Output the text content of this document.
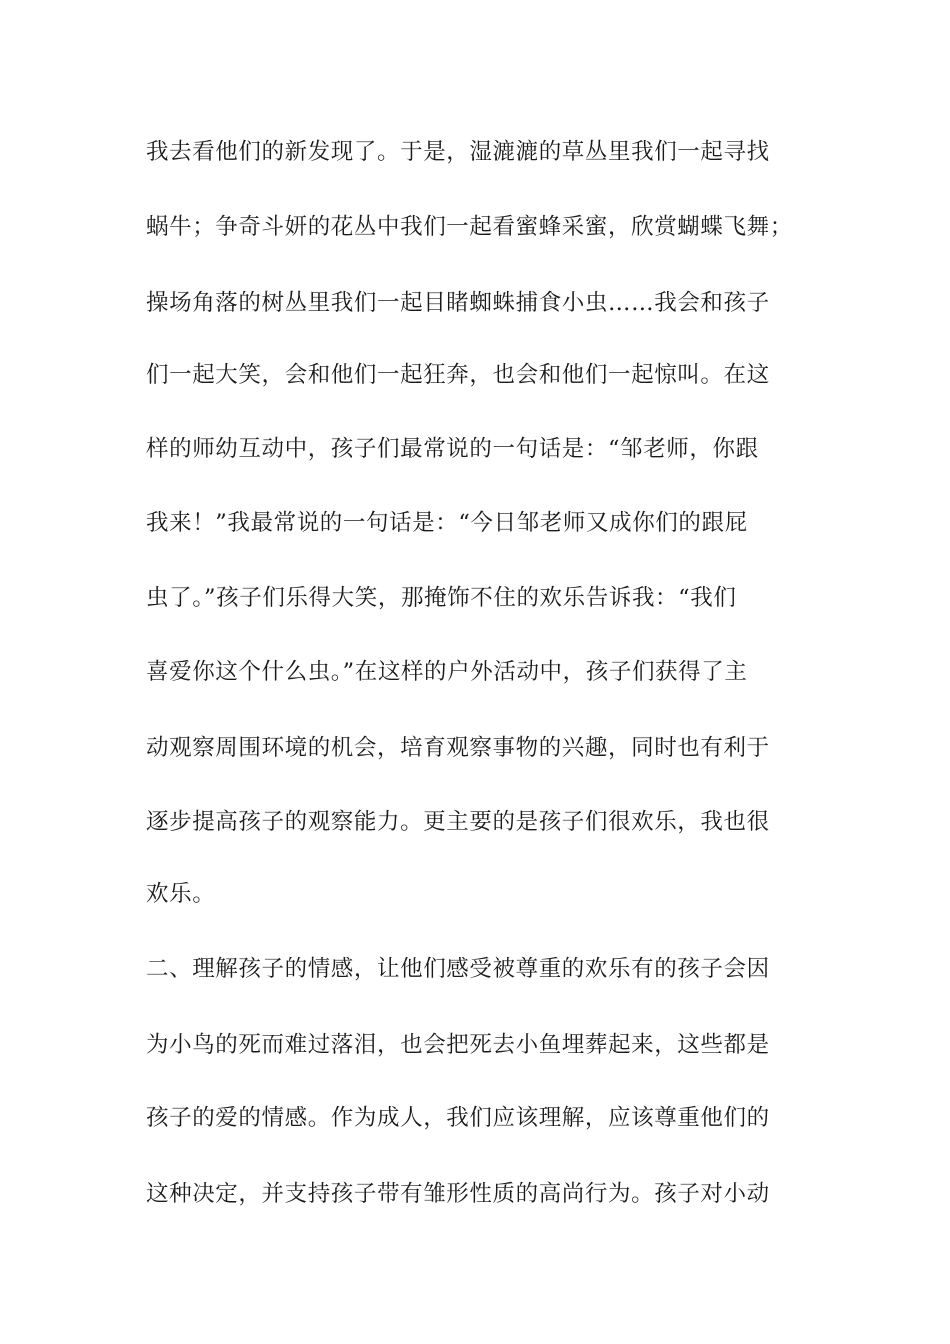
我去看他们的新发现了。于是，湿漉漉的草丛里我们一起寻找
蜗牛；争奇斗妍的花丛中我们一起看蜜蜂采蜜，欣赏蝴蝶飞舞；
操场角落的树丛里我们一起目睹蜘蛛捕食小虫……我会和孩子
们一起大笑，会和他们一起狂奔，也会和他们一起惊叫。在这
样的师幼互动中，孩子们最常说的一句话是：“邹老师，你跟
我来！”我最常说的一句话是：“今日邹老师又成你们的跟屁
虫了。”孩子们乐得大笑，那掩饰不住的欢乐告诉我：“我们
喜爱你这个什么虫。”在这样的户外活动中，孩子们获得了主
动观察周围环境的机会，培育观察事物的兴趣，同时也有利于
逐步提高孩子的观察能力。更主要的是孩子们很欢乐，我也很
欢乐。
二、理解孩子的情感，让他们感受被尊重的欢乐有的孩子会因
为小鸟的死而难过落泪，也会把死去小鱼埋葬起来，这些都是
孩子的爱的情感。作为成人，我们应该理解，应该尊重他们的
这种决定，并支持孩子带有雏形性质的高尚行为。孩子对小动
